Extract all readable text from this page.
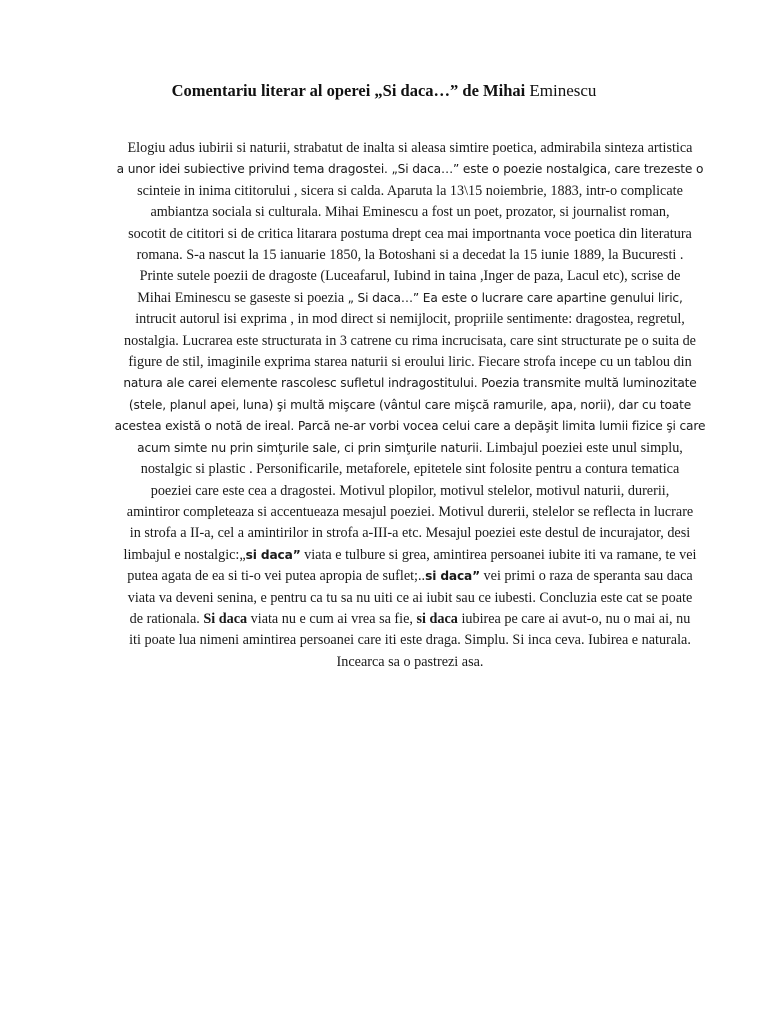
Comentariu literar al operei „Si daca…” de Mihai Eminescu

Elogiu adus iubirii si naturii, strabatut de inalta si aleasa simtire poetica, admirabila sinteza artistica
a unor idei subiective privind tema dragostei. „Si daca…” este o poezie nostalgica, care trezeste o
scinteie in inima cititorului , sicera si calda. Aparuta la 13\15 noiembrie, 1883, intr-o complicate
ambiantza sociala si culturala. Mihai Eminescu a fost un poet, prozator, si journalist roman,
socotit de cititori si de critica litarara postuma drept cea mai importnanta voce poetica din literatura
romana. S-a nascut la 15 ianuarie 1850, la Botoshani si a decedat la 15 iunie 1889, la Bucuresti .
Printe sutele poezii de dragoste (Luceafarul, Iubind in taina ,Inger de paza, Lacul etc), scrise de
Mihai Eminescu se gaseste si poezia „ Si daca…” Ea este o lucrare care apartine genului liric,
intrucit autorul isi exprima , in mod direct si nemijlocit, propriile sentimente: dragostea, regretul,
nostalgia. Lucrarea este structurata in 3 catrene cu rima incrucisata, care sint structurate pe o suita de
figure de stil, imaginile exprima starea naturii si eroului liric. Fiecare strofa incepe cu un tablou din
natura ale carei elemente rascolesc sufletul indragostitului. Poezia transmite multă luminozitate
(stele, planul apei, luna) şi multă mişcare (vântul care mişcă ramurile, apa, norii), dar cu toate
acestea există o notă de ireal. Parcă ne-ar vorbi vocea celui care a depăşit limita lumii fizice şi care
acum simte nu prin simţurile sale, ci prin simţurile naturii. Limbajul poeziei este unul simplu,
nostalgic si plastic . Personificarile, metaforele, epitetele sint folosite pentru a contura tematica
poeziei care este cea a dragostei. Motivul plopilor, motivul stelelor, motivul naturii, durerii,
amintiror completeaza si accentueaza mesajul poeziei. Motivul durerii, stelelor se reflecta in lucrare
in strofa a II-a, cel a amintirilor in strofa a-III-a etc. Mesajul poeziei este destul de incurajator, desi
limbajul e nostalgic:„si daca” viata e tulbure si grea, amintirea persoanei iubite iti va ramane, te vei
putea agata de ea si ti-o vei putea apropia de suflet;..si daca” vei primi o raza de speranta sau daca
viata va deveni senina, e pentru ca tu sa nu uiti ce ai iubit sau ce iubesti. Concluzia este cat se poate
de rationala. Si daca viata nu e cum ai vrea sa fie, si daca iubirea pe care ai avut-o, nu o mai ai, nu
iti poate lua nimeni amintirea persoanei care iti este draga. Simplu. Si inca ceva. Iubirea e naturala.
Incearca sa o pastrezi asa.
